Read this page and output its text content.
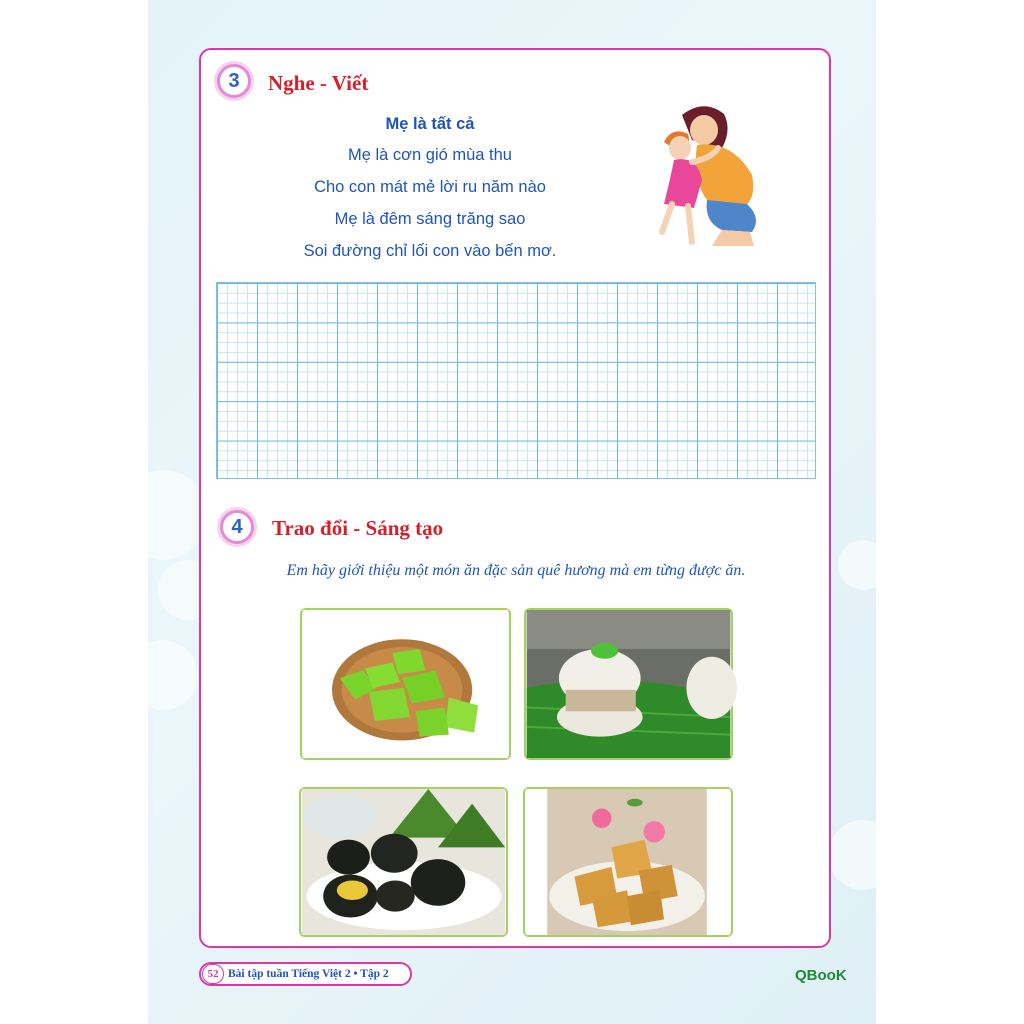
3	Nghe - Viết
Mẹ là tất cả
Mẹ là cơn gió mùa thu
Cho con mát mẻ lời ru năm nào
Mẹ là đêm sáng trăng sao
Soi đường chỉ lối con vào bến mơ.
4	Trao đổi - Sáng tạo
Em hãy giới thiệu một món ăn đặc sản quê hương mà em từng được ăn.
52 Bài tập tuần Tiếng Việt 2 • Tập 2	QBooK
